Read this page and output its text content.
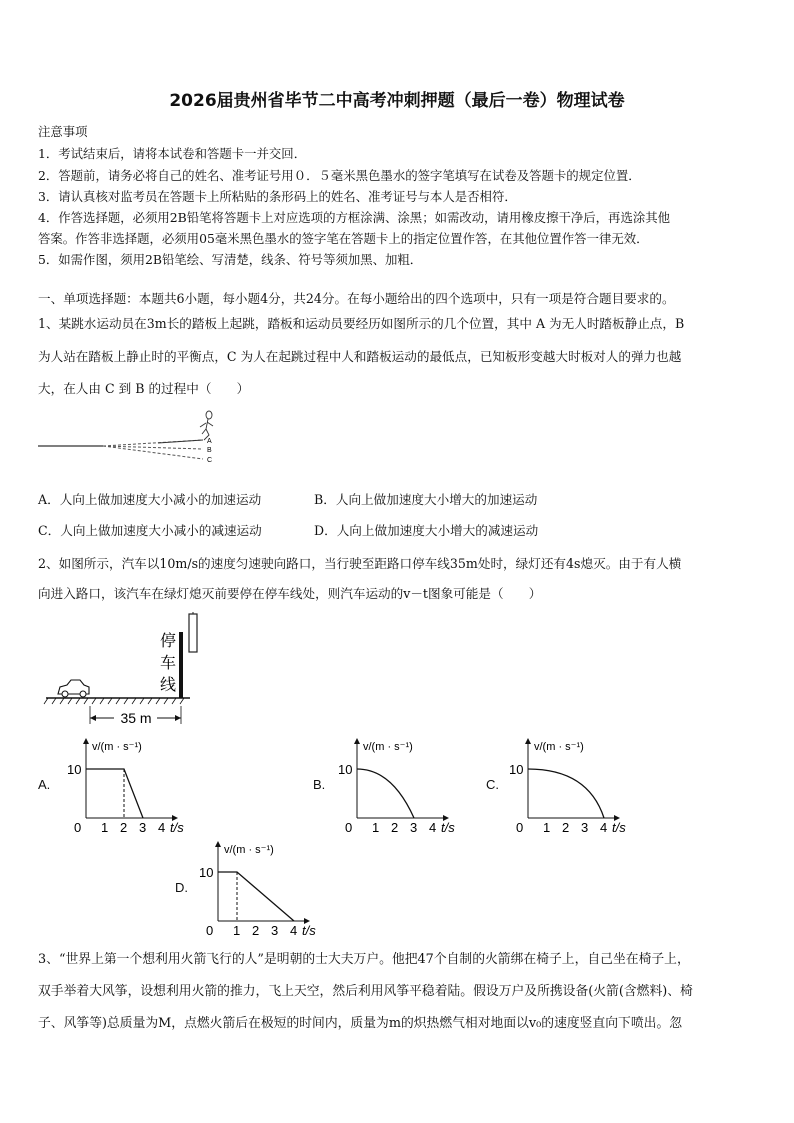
2026届贵州省毕节二中高考冲刺押题（最后一卷）物理试卷
注意事项
1．考试结束后，请将本试卷和答题卡一并交回．
2．答题前，请务必将自己的姓名、准考证号用０．５毫米黑色墨水的签字笔填写在试卷及答题卡的规定位置．
3．请认真核对监考员在答题卡上所粘贴的条形码上的姓名、准考证号与本人是否相符．
4．作答选择题，必须用2B铅笔将答题卡上对应选项的方框涂满、涂黑；如需改动，请用橡皮擦干净后，再选涂其他
答案。作答非选择题，必须用05毫米黑色墨水的签字笔在答题卡上的指定位置作答，在其他位置作答一律无效．
5．如需作图，须用2B铅笔绘、写清楚，线条、符号等须加黑、加粗．
一、单项选择题：本题共6小题，每小题4分，共24分。在每小题给出的四个选项中，只有一项是符合题目要求的。
1、某跳水运动员在3m长的踏板上起跳，踏板和运动员要经历如图所示的几个位置，其中 A 为无人时踏板静止点，B
为人站在踏板上静止时的平衡点，C 为人在起跳过程中人和踏板运动的最低点，已知板形变越大时板对人的弹力也越
大，在人由 C 到 B 的过程中（　　）
A
B
C
A．人向上做加速度大小减小的加速运动	B．人向上做加速度大小增大的加速运动
C．人向上做加速度大小减小的减速运动	D．人向上做加速度大小增大的减速运动
2、如图所示，汽车以10m/s的速度匀速驶向路口，当行驶至距路口停车线35m处时，绿灯还有4s熄灭。由于有人横
向进入路口，该汽车在绿灯熄灭前要停在停车线处，则汽车运动的v－t图象可能是（　　）
停
车
线
35 m
A.
v/(m · s⁻¹)
10
0 1 2 3 4 t/s
B.
v/(m · s⁻¹)
10
0 1 2 3 4 t/s
C.
v/(m · s⁻¹)
10
0 1 2 3 4 t/s
D.
v/(m · s⁻¹)
10
0 1 2 3 4 t/s
3、“世界上第一个想利用火箭飞行的人”是明朝的士大夫万户。他把47个自制的火箭绑在椅子上，自己坐在椅子上，
双手举着大风筝，设想利用火箭的推力，飞上天空，然后利用风筝平稳着陆。假设万户及所携设备(火箭(含燃料)、椅
子、风筝等)总质量为M，点燃火箭后在极短的时间内，质量为m的炽热燃气相对地面以v₀的速度竖直向下喷出。忽
